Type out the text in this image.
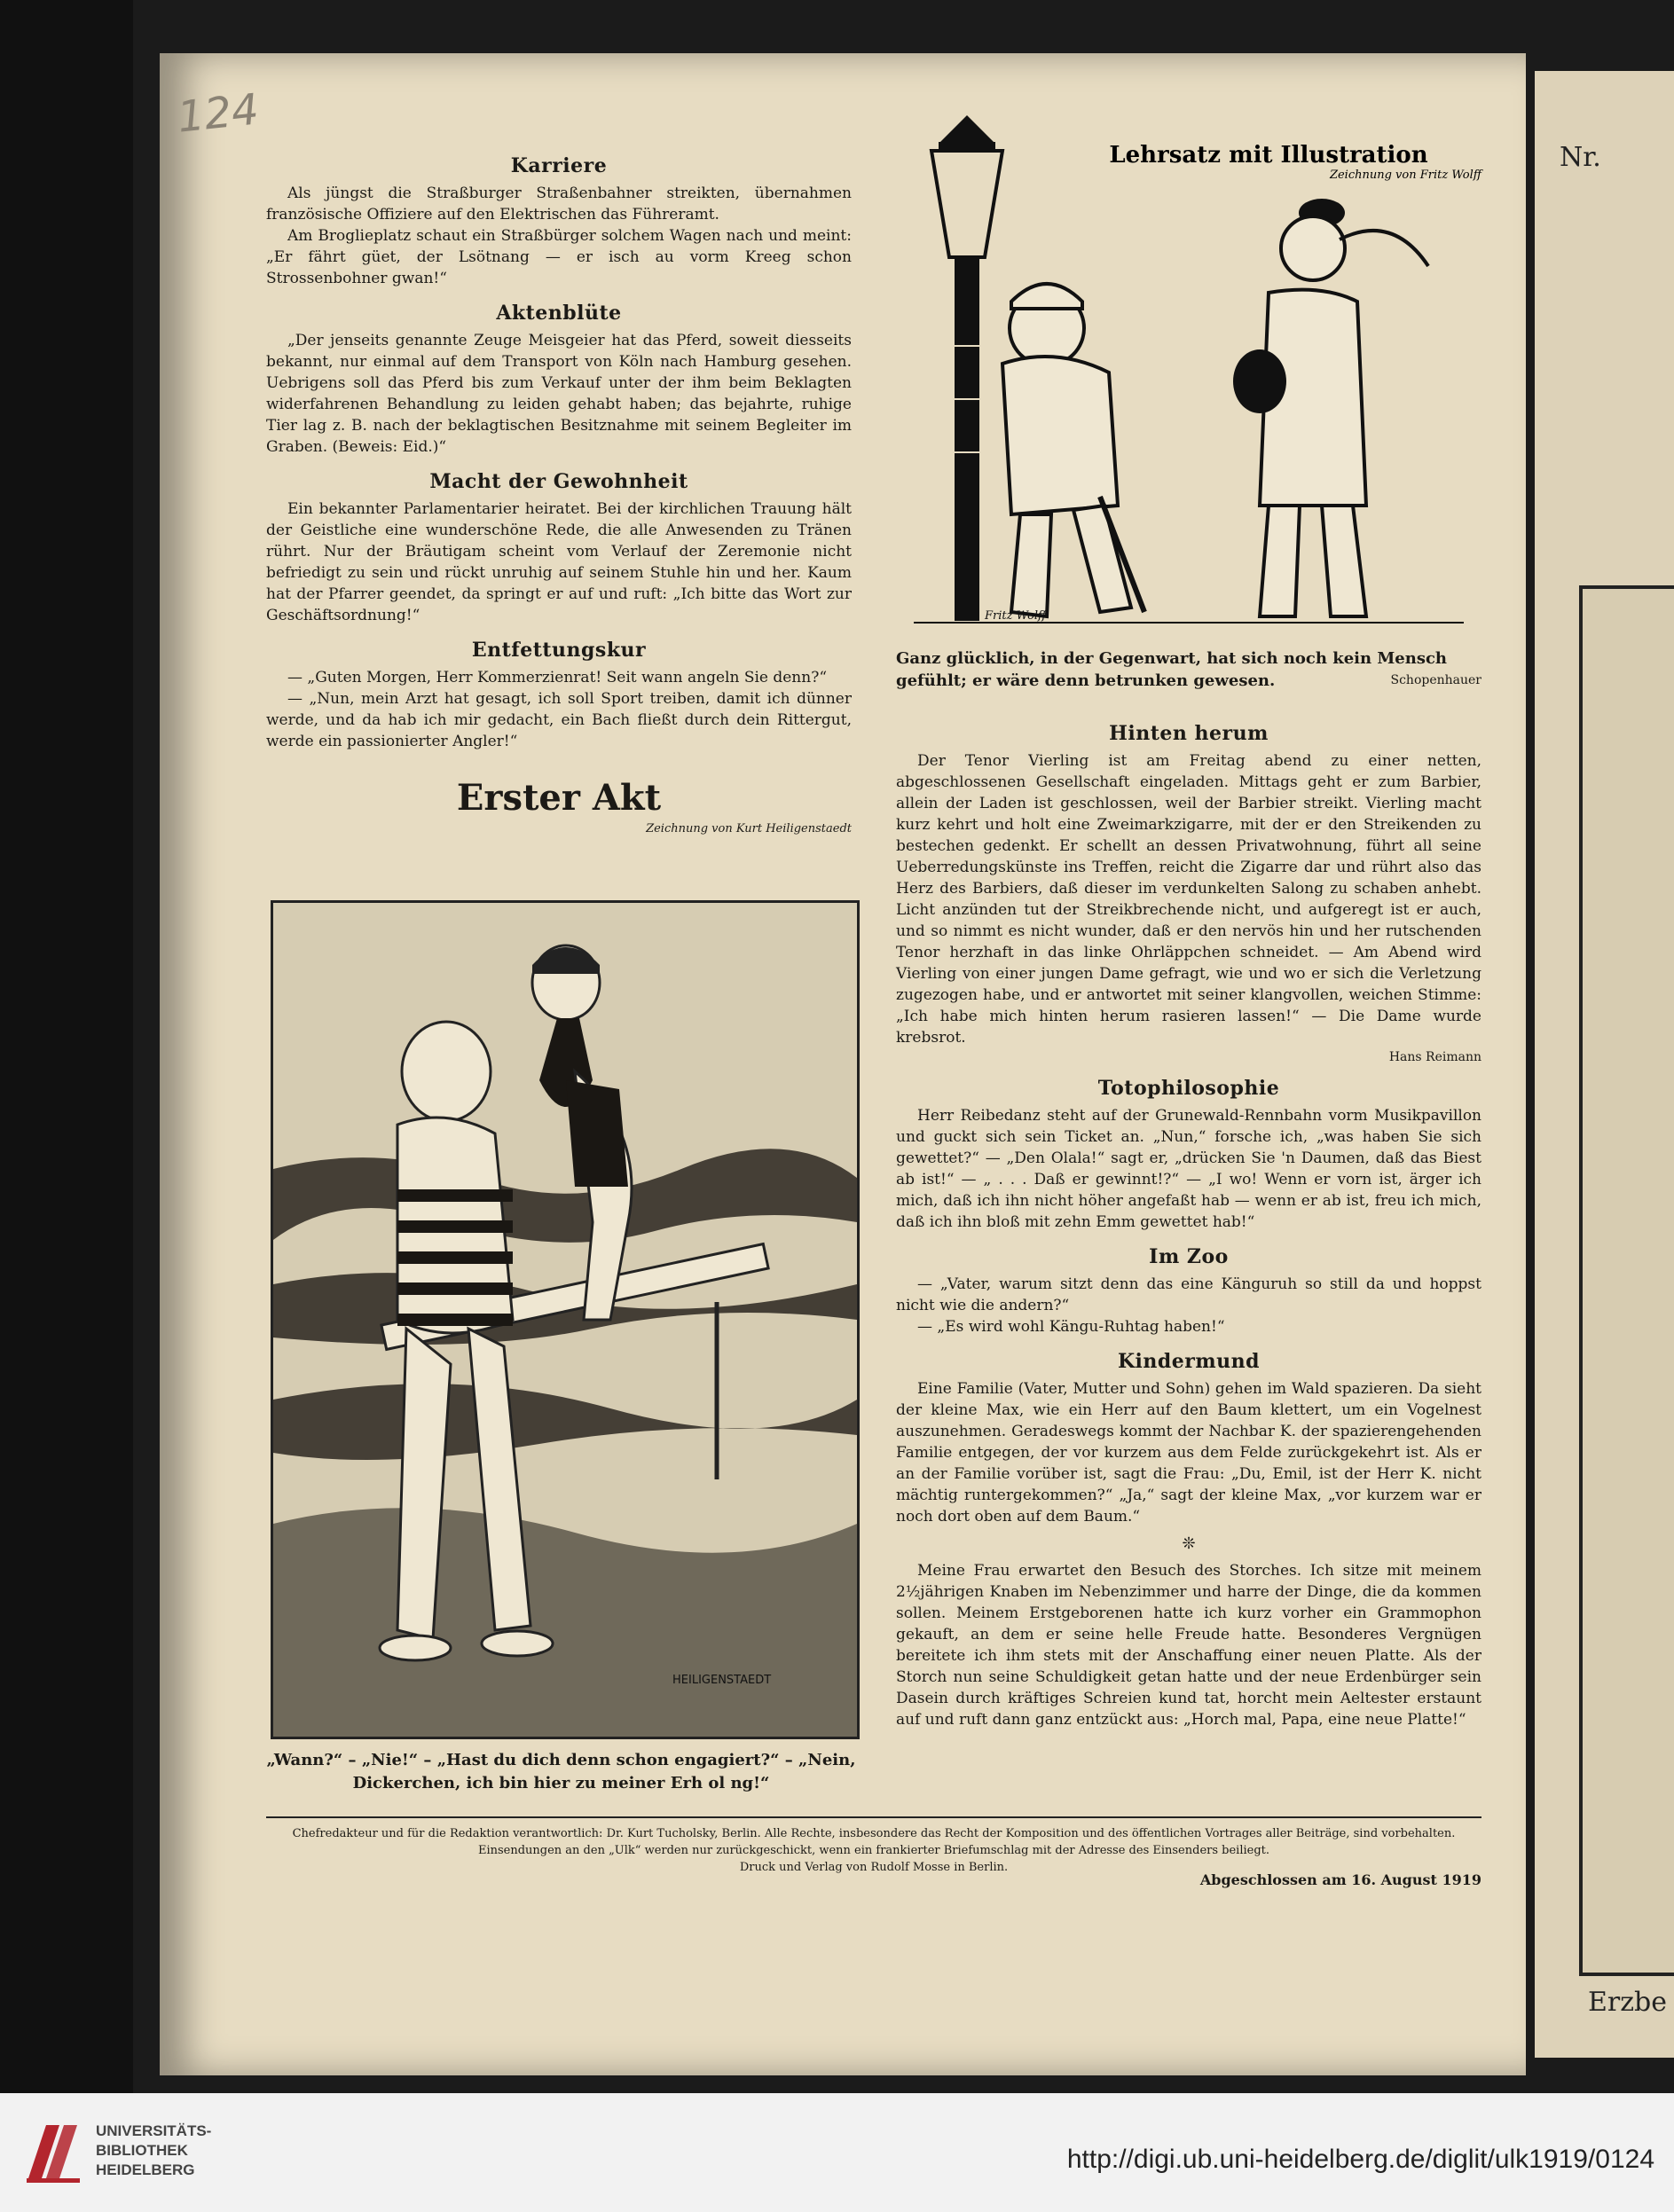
Nr.
Erzbe
124
Karriere

Als jüngst die Straßburger Straßenbahner streikten, übernahmen französische Offiziere auf den Elektrischen das Führeramt.

Am Broglieplatz schaut ein Straßbürger solchem Wagen nach und meint: „Er fährt güet, der Lsötnang — er isch au vorm Kreeg schon Strossenbohner gwan!“

Aktenblüte

„Der jenseits genannte Zeuge Meisgeier hat das Pferd, soweit diesseits bekannt, nur einmal auf dem Transport von Köln nach Hamburg gesehen. Uebrigens soll das Pferd bis zum Verkauf unter der ihm beim Beklagten widerfahrenen Behandlung zu leiden gehabt haben; das bejahrte, ruhige Tier lag z. B. nach der beklagtischen Besitznahme mit seinem Begleiter im Graben. (Beweis: Eid.)“

Macht der Gewohnheit

Ein bekannter Parlamentarier heiratet. Bei der kirchlichen Trauung hält der Geistliche eine wunderschöne Rede, die alle Anwesenden zu Tränen rührt. Nur der Bräutigam scheint vom Verlauf der Zeremonie nicht befriedigt zu sein und rückt unruhig auf seinem Stuhle hin und her. Kaum hat der Pfarrer geendet, da springt er auf und ruft: „Ich bitte das Wort zur Geschäftsordnung!“

Entfettungskur

— „Guten Morgen, Herr Kommerzienrat! Seit wann angeln Sie denn?“

— „Nun, mein Arzt hat gesagt, ich soll Sport treiben, damit ich dünner werde, und da hab ich mir gedacht, ein Bach fließt durch dein Rittergut, werde ein passionierter Angler!“

Erster Akt
Zeichnung von Kurt Heiligenstaedt
HEILIGENSTAEDT
„Wann?“ – „Nie!“ – „Hast du dich denn schon engagiert?“ – „Nein, Dickerchen, ich bin hier zu meiner Erh ol ng!“
Fritz Wolff
Lehrsatz mit Illustration
Zeichnung von Fritz Wolff
Ganz glücklich, in der Gegenwart, hat sich noch kein Mensch gefühlt; er wäre denn betrunken gewesen.	Schopenhauer
Hinten herum

Der Tenor Vierling ist am Freitag abend zu einer netten, abgeschlossenen Gesellschaft eingeladen. Mittags geht er zum Barbier, allein der Laden ist geschlossen, weil der Barbier streikt. Vierling macht kurz kehrt und holt eine Zweimarkzigarre, mit der er den Streikenden zu bestechen gedenkt. Er schellt an dessen Privatwohnung, führt all seine Ueberredungskünste ins Treffen, reicht die Zigarre dar und rührt also das Herz des Barbiers, daß dieser im verdunkelten Salong zu schaben anhebt. Licht anzünden tut der Streikbrechende nicht, und aufgeregt ist er auch, und so nimmt es nicht wunder, daß er den nervös hin und her rutschenden Tenor herzhaft in das linke Ohrläppchen schneidet. — Am Abend wird Vierling von einer jungen Dame gefragt, wie und wo er sich die Verletzung zugezogen habe, und er antwortet mit seiner klangvollen, weichen Stimme: „Ich habe mich hinten herum rasieren lassen!“ — Die Dame wurde krebsrot.

Hans Reimann
Totophilosophie

Herr Reibedanz steht auf der Grunewald-Rennbahn vorm Musikpavillon und guckt sich sein Ticket an. „Nun,“ forsche ich, „was haben Sie sich gewettet?“ — „Den Olala!“ sagt er, „drücken Sie 'n Daumen, daß das Biest ab ist!“ — „ . . . Daß er gewinnt!?“ — „I wo! Wenn er vorn ist, ärger ich mich, daß ich ihn nicht höher angefaßt hab — wenn er ab ist, freu ich mich, daß ich ihn bloß mit zehn Emm gewettet hab!“

Im Zoo

— „Vater, warum sitzt denn das eine Känguruh so still da und hoppst nicht wie die andern?“

— „Es wird wohl Kängu-Ruhtag haben!“

Kindermund

Eine Familie (Vater, Mutter und Sohn) gehen im Wald spazieren. Da sieht der kleine Max, wie ein Herr auf den Baum klettert, um ein Vogelnest auszunehmen. Geradeswegs kommt der Nachbar K. der spazierengehenden Familie entgegen, der vor kurzem aus dem Felde zurückgekehrt ist. Als er an der Familie vorüber ist, sagt die Frau: „Du, Emil, ist der Herr K. nicht mächtig runtergekommen?“ „Ja,“ sagt der kleine Max, „vor kurzem war er noch dort oben auf dem Baum.“

❊

Meine Frau erwartet den Besuch des Storches. Ich sitze mit meinem 2½jährigen Knaben im Nebenzimmer und harre der Dinge, die da kommen sollen. Meinem Erstgeborenen hatte ich kurz vorher ein Grammophon gekauft, an dem er seine helle Freude hatte. Besonderes Vergnügen bereitete ich ihm stets mit der Anschaffung einer neuen Platte. Als der Storch nun seine Schuldigkeit getan hatte und der neue Erdenbürger sein Dasein durch kräftiges Schreien kund tat, horcht mein Aeltester erstaunt auf und ruft dann ganz entzückt aus: „Horch mal, Papa, eine neue Platte!“

Chefredakteur und für die Redaktion verantwortlich: Dr. Kurt Tucholsky, Berlin. Alle Rechte, insbesondere das Recht der Komposition und des öffentlichen Vortrages aller Beiträge, sind vorbehalten. Einsendungen an den „Ulk“ werden nur zurückgeschickt, wenn ein frankierter Briefumschlag mit der Adresse des Einsenders beiliegt.
Druck und Verlag von Rudolf Mosse in Berlin.
Abgeschlossen am 16. August 1919
UNIVERSITÄTS-
BIBLIOTHEK
HEIDELBERG	http://digi.ub.uni-heidelberg.de/diglit/ulk1919/0124
